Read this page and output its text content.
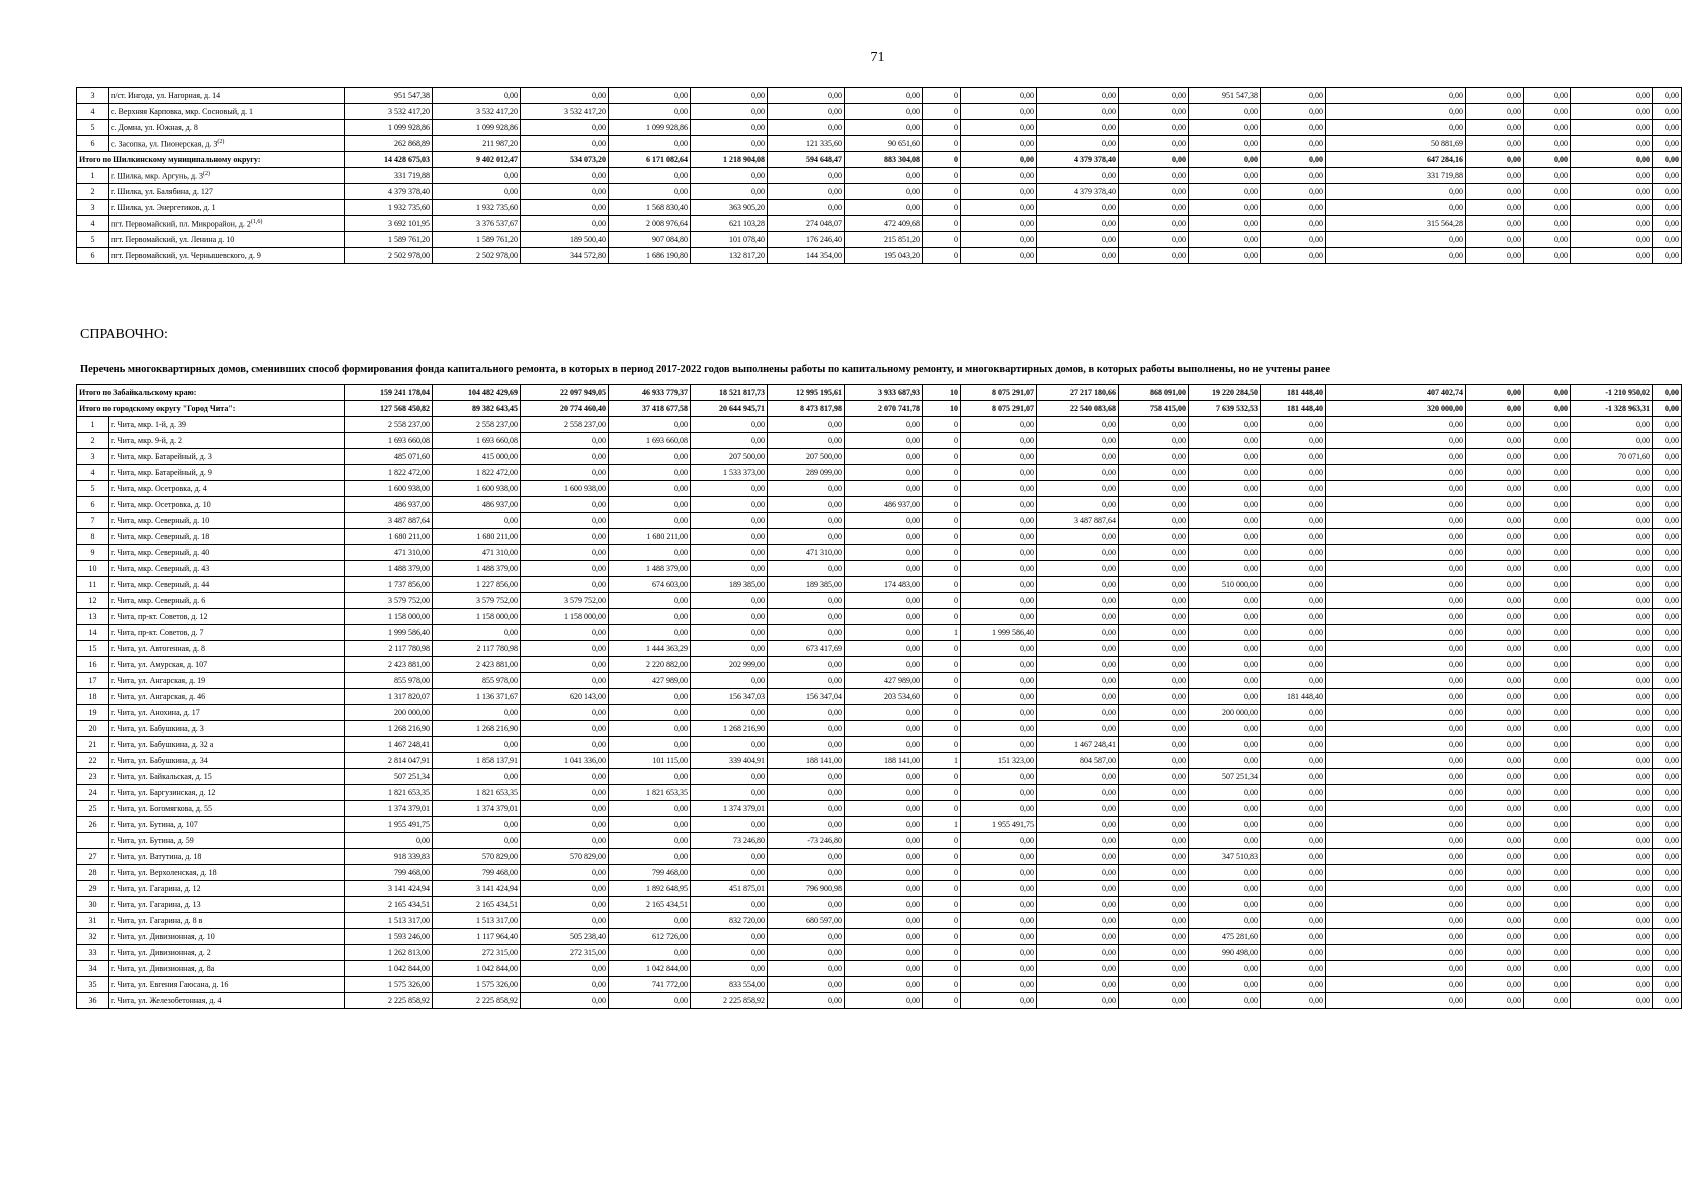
71
3	п/ст. Ингода, ул. Нагорная, д. 14	951 547,38	0,00	0,00	0,00	0,00	0,00	0,00	0	0,00	0,00	0,00	951 547,38	0,00	0,00	0,00	0,00	0,00	0,00
4	с. Верхняя Карповка, мкр. Сосновый, д. 1	3 532 417,20	3 532 417,20	3 532 417,20	0,00	0,00	0,00	0,00	0	0,00	0,00	0,00	0,00	0,00	0,00	0,00	0,00	0,00	0,00
5	с. Домна, ул. Южная, д. 8	1 099 928,86	1 099 928,86	0,00	1 099 928,86	0,00	0,00	0,00	0	0,00	0,00	0,00	0,00	0,00	0,00	0,00	0,00	0,00	0,00
6	с. Засопка, ул. Пионерская, д. 3$^{(2)}$	262 868,89	211 987,20	0,00	0,00	0,00	121 335,60	90 651,60	0	0,00	0,00	0,00	0,00	0,00	50 881,69	0,00	0,00	0,00	0,00
Итого по Шилкинскому муниципальному округу:		14 428 675,03	9 402 012,47	534 073,20	6 171 082,64	1 218 904,08	594 648,47	883 304,08	0	0,00	4 379 378,40	0,00	0,00	0,00	647 284,16	0,00	0,00	0,00	0,00
1	г. Шилка, мкр. Аргунь, д. 3$^{(2)}$	331 719,88	0,00	0,00	0,00	0,00	0,00	0,00	0	0,00	0,00	0,00	0,00	0,00	331 719,88	0,00	0,00	0,00	0,00
2	г. Шилка, ул. Балябина, д. 127	4 379 378,40	0,00	0,00	0,00	0,00	0,00	0,00	0	0,00	4 379 378,40	0,00	0,00	0,00	0,00	0,00	0,00	0,00	0,00
3	г. Шилка, ул. Энергетиков, д. 1	1 932 735,60	1 932 735,60	0,00	1 568 830,40	363 905,20	0,00	0,00	0	0,00	0,00	0,00	0,00	0,00	0,00	0,00	0,00	0,00	0,00
4	пгт. Первомайский, пл. Микрорайон, д. 2$^{(1,6)}$	3 692 101,95	3 376 537,67	0,00	2 008 976,64	621 103,28	274 048,07	472 409,68	0	0,00	0,00	0,00	0,00	0,00	315 564,28	0,00	0,00	0,00	0,00
5	пгт. Первомайский, ул. Ленина д. 10	1 589 761,20	1 589 761,20	189 500,40	907 084,80	101 078,40	176 246,40	215 851,20	0	0,00	0,00	0,00	0,00	0,00	0,00	0,00	0,00	0,00	0,00
6	пгт. Первомайский, ул. Чернышевского, д. 9	2 502 978,00	2 502 978,00	344 572,80	1 686 190,80	132 817,20	144 354,00	195 043,20	0	0,00	0,00	0,00	0,00	0,00	0,00	0,00	0,00	0,00	0,00
СПРАВОЧНО:
Перечень многоквартирных домов, сменивших способ формирования фонда капитального ремонта, в которых в период 2017-2022 годов выполнены работы по капитальному ремонту, и многоквартирных домов, в которых работы выполнены, но не учтены ранее
Итого по Забайкальскому краю:		159 241 178,04	104 482 429,69	22 097 949,05	46 933 779,37	18 521 817,73	12 995 195,61	3 933 687,93	10	8 075 291,07	27 217 180,66	868 091,00	19 220 284,50	181 448,40	407 402,74	0,00	0,00	-1 210 950,02	0,00
Итого по городскому округу "Город Чита":		127 568 450,82	89 382 643,45	20 774 460,40	37 418 677,58	20 644 945,71	8 473 817,98	2 070 741,78	10	8 075 291,07	22 540 083,68	758 415,00	7 639 532,53	181 448,40	320 000,00	0,00	0,00	-1 328 963,31	0,00
1	г. Чита, мкр. 1-й, д. 39	2 558 237,00	2 558 237,00	2 558 237,00	0,00	0,00	0,00	0,00	0	0,00	0,00	0,00	0,00	0,00	0,00	0,00	0,00	0,00	0,00
2	г. Чита, мкр. 9-й, д. 2	1 693 660,08	1 693 660,08	0,00	1 693 660,08	0,00	0,00	0,00	0	0,00	0,00	0,00	0,00	0,00	0,00	0,00	0,00	0,00	0,00
3	г. Чита, мкр. Батарейный, д. 3	485 071,60	415 000,00	0,00	0,00	207 500,00	207 500,00	0,00	0	0,00	0,00	0,00	0,00	0,00	0,00	0,00	0,00	70 071,60	0,00
4	г. Чита, мкр. Батарейный, д. 9	1 822 472,00	1 822 472,00	0,00	0,00	1 533 373,00	289 099,00	0,00	0	0,00	0,00	0,00	0,00	0,00	0,00	0,00	0,00	0,00	0,00
5	г. Чита, мкр. Осетровка, д. 4	1 600 938,00	1 600 938,00	1 600 938,00	0,00	0,00	0,00	0,00	0	0,00	0,00	0,00	0,00	0,00	0,00	0,00	0,00	0,00	0,00
6	г. Чита, мкр. Осетровка, д. 10	486 937,00	486 937,00	0,00	0,00	0,00	0,00	486 937,00	0	0,00	0,00	0,00	0,00	0,00	0,00	0,00	0,00	0,00	0,00
7	г. Чита, мкр. Северный, д. 10	3 487 887,64	0,00	0,00	0,00	0,00	0,00	0,00	0	0,00	3 487 887,64	0,00	0,00	0,00	0,00	0,00	0,00	0,00	0,00
8	г. Чита, мкр. Северный, д. 18	1 680 211,00	1 680 211,00	0,00	1 680 211,00	0,00	0,00	0,00	0	0,00	0,00	0,00	0,00	0,00	0,00	0,00	0,00	0,00	0,00
9	г. Чита, мкр. Северный, д. 40	471 310,00	471 310,00	0,00	0,00	0,00	471 310,00	0,00	0	0,00	0,00	0,00	0,00	0,00	0,00	0,00	0,00	0,00	0,00
10	г. Чита, мкр. Северный, д. 43	1 488 379,00	1 488 379,00	0,00	1 488 379,00	0,00	0,00	0,00	0	0,00	0,00	0,00	0,00	0,00	0,00	0,00	0,00	0,00	0,00
11	г. Чита, мкр. Северный, д. 44	1 737 856,00	1 227 856,00	0,00	674 603,00	189 385,00	189 385,00	174 483,00	0	0,00	0,00	0,00	510 000,00	0,00	0,00	0,00	0,00	0,00	0,00
12	г. Чита, мкр. Северный, д. 6	3 579 752,00	3 579 752,00	3 579 752,00	0,00	0,00	0,00	0,00	0	0,00	0,00	0,00	0,00	0,00	0,00	0,00	0,00	0,00	0,00
13	г. Чита, пр-кт. Советов, д. 12	1 158 000,00	1 158 000,00	1 158 000,00	0,00	0,00	0,00	0,00	0	0,00	0,00	0,00	0,00	0,00	0,00	0,00	0,00	0,00	0,00
14	г. Чита, пр-кт. Советов, д. 7	1 999 586,40	0,00	0,00	0,00	0,00	0,00	0,00	1	1 999 586,40	0,00	0,00	0,00	0,00	0,00	0,00	0,00	0,00	0,00
15	г. Чита, ул. Автогенная, д. 8	2 117 780,98	2 117 780,98	0,00	1 444 363,29	0,00	673 417,69	0,00	0	0,00	0,00	0,00	0,00	0,00	0,00	0,00	0,00	0,00	0,00
16	г. Чита, ул. Амурская, д. 107	2 423 881,00	2 423 881,00	0,00	2 220 882,00	202 999,00	0,00	0,00	0	0,00	0,00	0,00	0,00	0,00	0,00	0,00	0,00	0,00	0,00
17	г. Чита, ул. Ангарская, д. 19	855 978,00	855 978,00	0,00	427 989,00	0,00	0,00	427 989,00	0	0,00	0,00	0,00	0,00	0,00	0,00	0,00	0,00	0,00	0,00
18	г. Чита, ул. Ангарская, д. 46	1 317 820,07	1 136 371,67	620 143,00	0,00	156 347,03	156 347,04	203 534,60	0	0,00	0,00	0,00	0,00	181 448,40	0,00	0,00	0,00	0,00	0,00
19	г. Чита, ул. Анохина, д. 17	200 000,00	0,00	0,00	0,00	0,00	0,00	0,00	0	0,00	0,00	0,00	200 000,00	0,00	0,00	0,00	0,00	0,00	0,00
20	г. Чита, ул. Бабушкина, д. 3	1 268 216,90	1 268 216,90	0,00	0,00	1 268 216,90	0,00	0,00	0	0,00	0,00	0,00	0,00	0,00	0,00	0,00	0,00	0,00	0,00
21	г. Чита, ул. Бабушкина, д. 32 а	1 467 248,41	0,00	0,00	0,00	0,00	0,00	0,00	0	0,00	1 467 248,41	0,00	0,00	0,00	0,00	0,00	0,00	0,00	0,00
22	г. Чита, ул. Бабушкина, д. 34	2 814 047,91	1 858 137,91	1 041 336,00	101 115,00	339 404,91	188 141,00	188 141,00	1	151 323,00	804 587,00	0,00	0,00	0,00	0,00	0,00	0,00	0,00	0,00
23	г. Чита, ул. Байкальская, д. 15	507 251,34	0,00	0,00	0,00	0,00	0,00	0,00	0	0,00	0,00	0,00	507 251,34	0,00	0,00	0,00	0,00	0,00	0,00
24	г. Чита, ул. Баргузинская, д. 12	1 821 653,35	1 821 653,35	0,00	1 821 653,35	0,00	0,00	0,00	0	0,00	0,00	0,00	0,00	0,00	0,00	0,00	0,00	0,00	0,00
25	г. Чита, ул. Богомягкова, д. 55	1 374 379,01	1 374 379,01	0,00	0,00	1 374 379,01	0,00	0,00	0	0,00	0,00	0,00	0,00	0,00	0,00	0,00	0,00	0,00	0,00
26	г. Чита, ул. Бутина, д. 107	1 955 491,75	0,00	0,00	0,00	0,00	0,00	0,00	1	1 955 491,75	0,00	0,00	0,00	0,00	0,00	0,00	0,00	0,00	0,00
	г. Чита, ул. Бутина, д. 59	0,00	0,00	0,00	0,00	73 246,80	-73 246,80	0,00	0	0,00	0,00	0,00	0,00	0,00	0,00	0,00	0,00	0,00	0,00
27	г. Чита, ул. Ватутина, д. 18	918 339,83	570 829,00	570 829,00	0,00	0,00	0,00	0,00	0	0,00	0,00	0,00	347 510,83	0,00	0,00	0,00	0,00	0,00	0,00
28	г. Чита, ул. Верхоленская, д. 18	799 468,00	799 468,00	0,00	799 468,00	0,00	0,00	0,00	0	0,00	0,00	0,00	0,00	0,00	0,00	0,00	0,00	0,00	0,00
29	г. Чита, ул. Гагарина, д. 12	3 141 424,94	3 141 424,94	0,00	1 892 648,95	451 875,01	796 900,98	0,00	0	0,00	0,00	0,00	0,00	0,00	0,00	0,00	0,00	0,00	0,00
30	г. Чита, ул. Гагарина, д. 13	2 165 434,51	2 165 434,51	0,00	2 165 434,51	0,00	0,00	0,00	0	0,00	0,00	0,00	0,00	0,00	0,00	0,00	0,00	0,00	0,00
31	г. Чита, ул. Гагарина, д. 8 в	1 513 317,00	1 513 317,00	0,00	0,00	832 720,00	680 597,00	0,00	0	0,00	0,00	0,00	0,00	0,00	0,00	0,00	0,00	0,00	0,00
32	г. Чита, ул. Дивизионная, д. 10	1 593 246,00	1 117 964,40	505 238,40	612 726,00	0,00	0,00	0,00	0	0,00	0,00	0,00	475 281,60	0,00	0,00	0,00	0,00	0,00	0,00
33	г. Чита, ул. Дивизионная, д. 2	1 262 813,00	272 315,00	272 315,00	0,00	0,00	0,00	0,00	0	0,00	0,00	0,00	990 498,00	0,00	0,00	0,00	0,00	0,00	0,00
34	г. Чита, ул. Дивизионная, д. 8а	1 042 844,00	1 042 844,00	0,00	1 042 844,00	0,00	0,00	0,00	0	0,00	0,00	0,00	0,00	0,00	0,00	0,00	0,00	0,00	0,00
35	г. Чита, ул. Евгения Гаюсана, д. 16	1 575 326,00	1 575 326,00	0,00	741 772,00	833 554,00	0,00	0,00	0	0,00	0,00	0,00	0,00	0,00	0,00	0,00	0,00	0,00	0,00
36	г. Чита, ул. Железобетонная, д. 4	2 225 858,92	2 225 858,92	0,00	0,00	2 225 858,92	0,00	0,00	0	0,00	0,00	0,00	0,00	0,00	0,00	0,00	0,00	0,00	0,00
